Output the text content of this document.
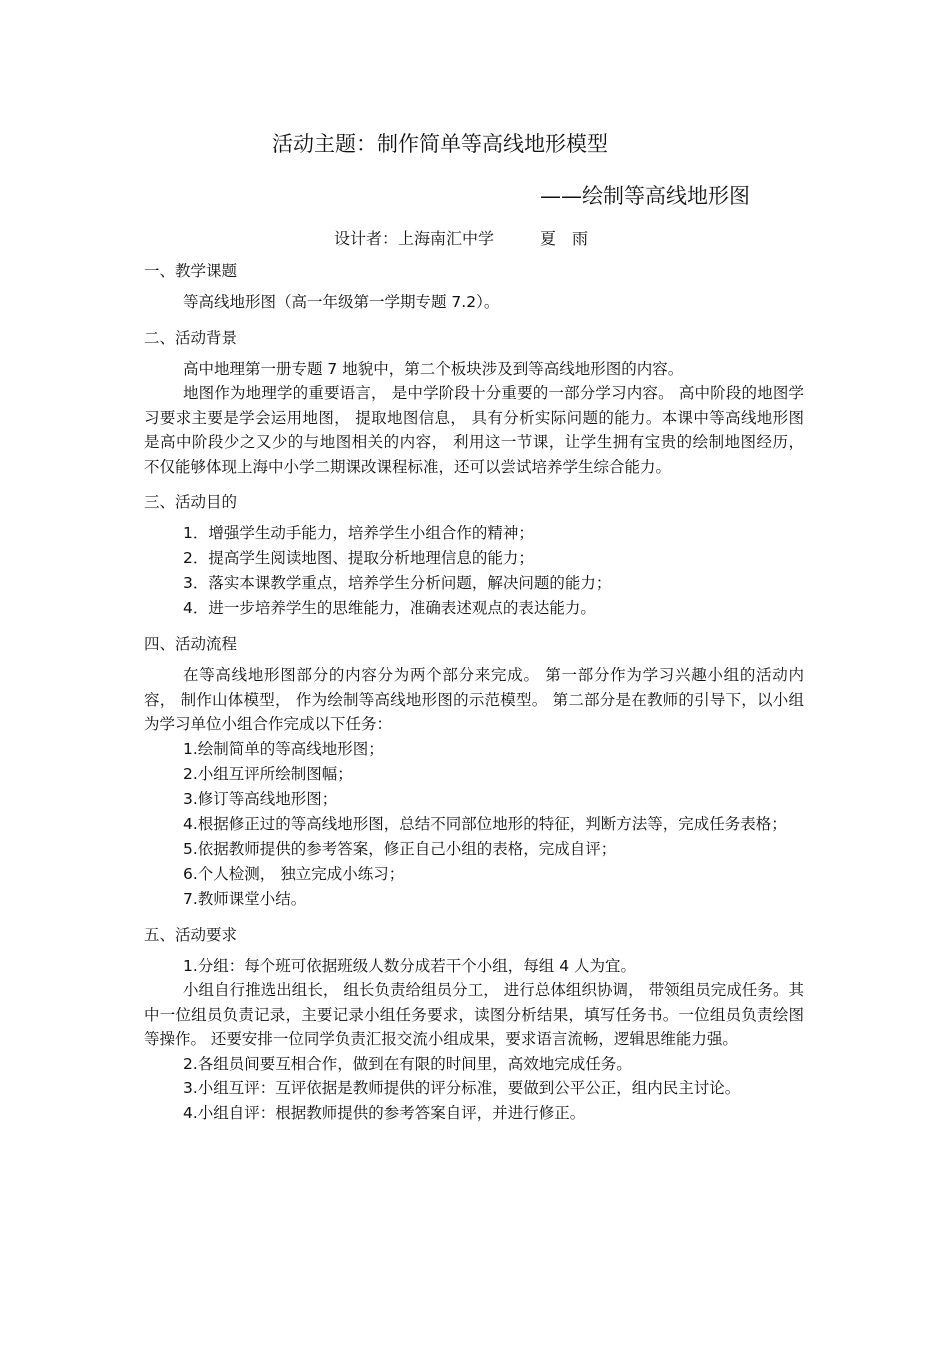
活动主题：制作简单等高线地形模型
——绘制等高线地形图
设计者：上海南汇中学	夏 雨
一、教学课题
等高线地形图（高一年级第一学期专题 7.2）。
二、活动背景
高中地理第一册专题 7 地貌中，第二个板块涉及到等高线地形图的内容。
地图作为地理学的重要语言， 是中学阶段十分重要的一部分学习内容。 高中阶段的地图学习要求主要是学会运用地图， 提取地图信息， 具有分析实际问题的能力。本课中等高线地形图是高中阶段少之又少的与地图相关的内容， 利用这一节课，让学生拥有宝贵的绘制地图经历， 不仅能够体现上海中小学二期课改课程标准，还可以尝试培养学生综合能力。
三、活动目的
1．增强学生动手能力，培养学生小组合作的精神；
2．提高学生阅读地图、提取分析地理信息的能力；
3．落实本课教学重点，培养学生分析问题，解决问题的能力；
4．进一步培养学生的思维能力，准确表述观点的表达能力。
四、活动流程
在等高线地形图部分的内容分为两个部分来完成。 第一部分作为学习兴趣小组的活动内容， 制作山体模型， 作为绘制等高线地形图的示范模型。 第二部分是在教师的引导下，以小组为学习单位小组合作完成以下任务：
1.绘制简单的等高线地形图；
2.小组互评所绘制图幅；
3.修订等高线地形图；
4.根据修正过的等高线地形图，总结不同部位地形的特征，判断方法等，完成任务表格；
5.依据教师提供的参考答案，修正自己小组的表格，完成自评；
6.个人检测， 独立完成小练习；
7.教师课堂小结。
五、活动要求
1.分组：每个班可依据班级人数分成若干个小组，每组 4 人为宜。
小组自行推选出组长， 组长负责给组员分工， 进行总体组织协调， 带领组员完成任务。其中一位组员负责记录，主要记录小组任务要求，读图分析结果，填写任务书。一位组员负责绘图等操作。 还要安排一位同学负责汇报交流小组成果，要求语言流畅，逻辑思维能力强。
2.各组员间要互相合作，做到在有限的时间里，高效地完成任务。
3.小组互评：互评依据是教师提供的评分标准，要做到公平公正，组内民主讨论。
4.小组自评：根据教师提供的参考答案自评，并进行修正。
